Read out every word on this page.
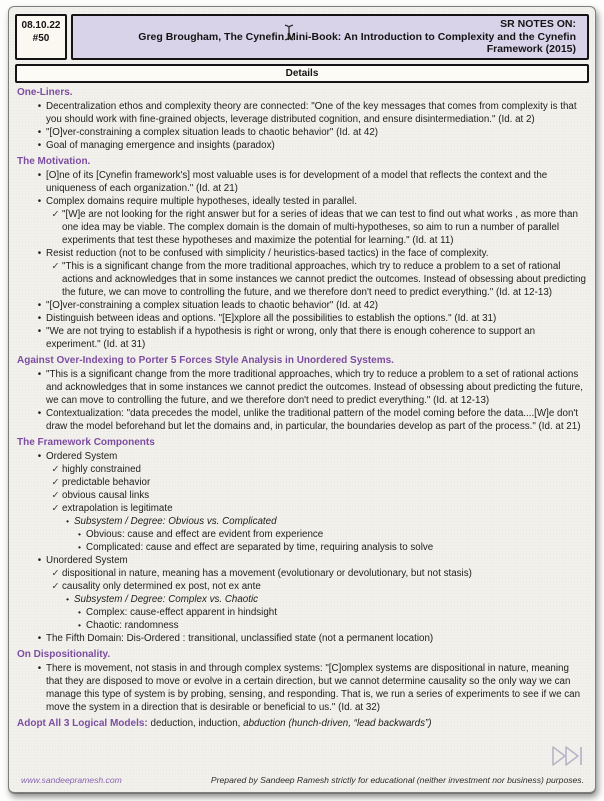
08.10.22
#50
SR NOTES ON:
Greg Brougham, The Cynefin Mini-Book: An Introduction to Complexity and the Cynefin Framework (2015)
Details
One-Liners.
• Decentralization ethos and complexity theory are connected: "One of the key messages that comes from complexity is that you should work with fine-grained objects, leverage distributed cognition, and ensure disintermediation." (Id. at 2)
• "[O]ver-constraining a complex situation leads to chaotic behavior" (Id. at 42)
• Goal of managing emergence and insights (paradox)
The Motivation.
• [O]ne of its [Cynefin framework's] most valuable uses is for development of a model that reflects the context and the uniqueness of each organization." (Id. at 21)
• Complex domains require multiple hypotheses, ideally tested in parallel.
✓ "[W]e are not looking for the right answer but for a series of ideas that we can test to find out what works , as more than one idea may be viable. The complex domain is the domain of multi-hypotheses, so aim to run a number of parallel experiments that test these hypotheses and maximize the potential for learning." (Id. at 11)
• Resist reduction (not to be confused with simplicity / heuristics-based tactics) in the face of complexity.
✓ "This is a significant change from the more traditional approaches, which try to reduce a problem to a set of rational actions and acknowledges that in some instances we cannot predict the outcomes. Instead of obsessing about predicting the future, we can move to controlling the future, and we therefore don't need to predict everything." (Id. at 12-13)
• "[O]ver-constraining a complex situation leads to chaotic behavior" (Id. at 42)
• Distinguish between ideas and options. "[E]xplore all the possibilities to establish the options." (Id. at 31)
• "We are not trying to establish if a hypothesis is right or wrong, only that there is enough coherence to support an experiment." (Id. at 31)
Against Over-Indexing to Porter 5 Forces Style Analysis in Unordered Systems.
• "This is a significant change from the more traditional approaches, which try to reduce a problem to a set of rational actions and acknowledges that in some instances we cannot predict the outcomes. Instead of obsessing about predicting the future, we can move to controlling the future, and we therefore don't need to predict everything." (Id. at 12-13)
• Contextualization: "data precedes the model, unlike the traditional pattern of the model coming before the data....[W]e don't draw the model beforehand but let the domains and, in particular, the boundaries develop as part of the process." (Id. at 21)
The Framework Components
• Ordered System
✓ highly constrained
✓ predictable behavior
✓ obvious causal links
✓ extrapolation is legitimate
• Subsystem / Degree: Obvious vs. Complicated
• Obvious: cause and effect are evident from experience
• Complicated: cause and effect are separated by time, requiring analysis to solve
• Unordered System
✓ dispositional in nature, meaning has a movement (evolutionary or devolutionary, but not stasis)
✓ causality only determined ex post, not ex ante
• Subsystem / Degree: Complex vs. Chaotic
• Complex: cause-effect apparent in hindsight
• Chaotic: randomness
• The Fifth Domain: Dis-Ordered : transitional, unclassified state (not a permanent location)
On Dispositionality.
• There is movement, not stasis in and through complex systems: "[C]omplex systems are dispositional in nature, meaning that they are disposed to move or evolve in a certain direction, but we cannot determine causality so the only way we can manage this type of system is by probing, sensing, and responding. That is, we run a series of experiments to see if we can move the system in a direction that is desirable or beneficial to us." (Id. at 32)
Adopt All 3 Logical Models: deduction, induction, abduction (hunch-driven, “lead backwards”)
www.sandeepramesh.com	Prepared by Sandeep Ramesh strictly for educational (neither investment nor business) purposes.
